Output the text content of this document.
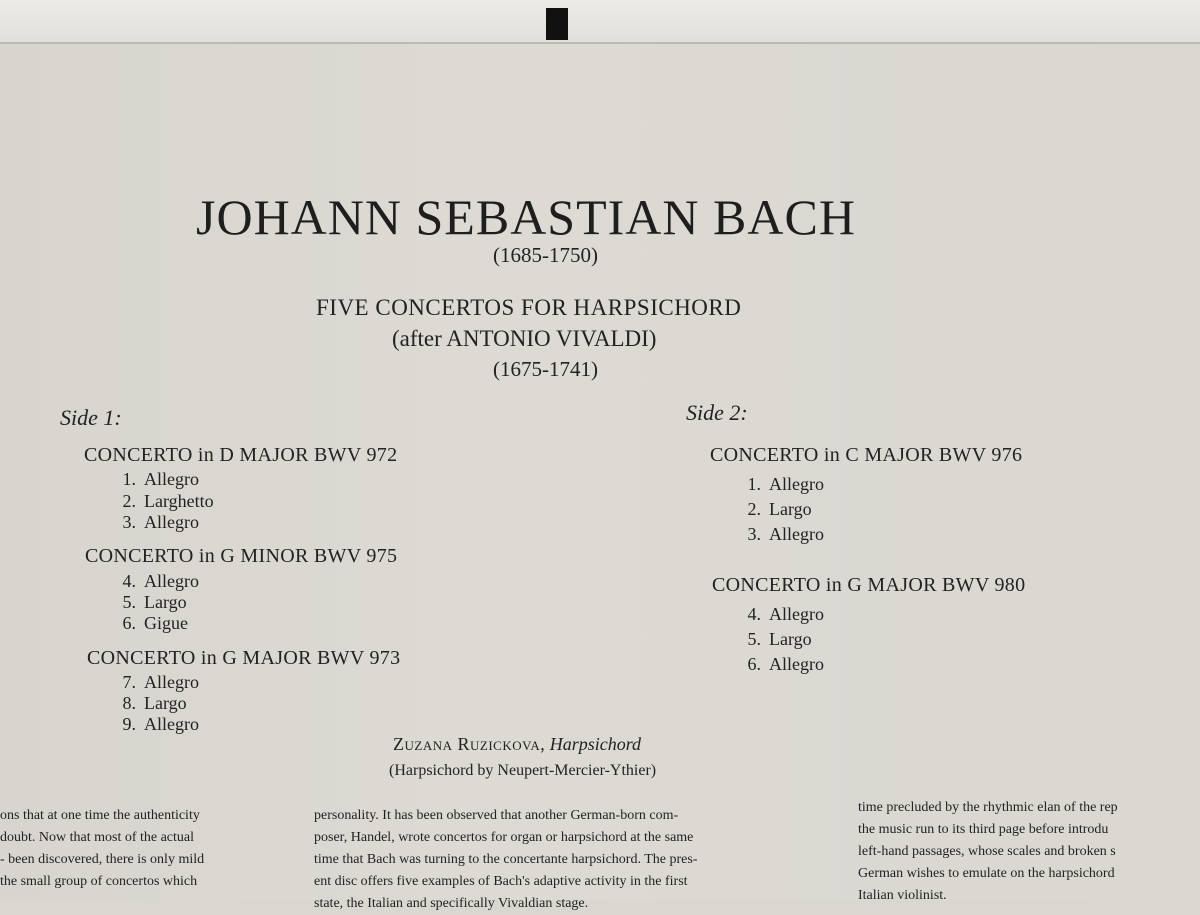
JOHANN SEBASTIAN BACH
(1685-1750)
FIVE CONCERTOS FOR HARPSICHORD
(after ANTONIO VIVALDI)
(1675-1741)
Side 1:
CONCERTO in D MAJOR BWV 972
1. Allegro
2. Larghetto
3. Allegro
CONCERTO in G MINOR BWV 975
4. Allegro
5. Largo
6. Gigue
CONCERTO in G MAJOR BWV 973
7. Allegro
8. Largo
9. Allegro
Side 2:
CONCERTO in C MAJOR BWV 976
1. Allegro
2. Largo
3. Allegro
CONCERTO in G MAJOR BWV 980
4. Allegro
5. Largo
6. Allegro
Zuzana Ruzickova, Harpsichord
(Harpsichord by Neupert-Mercier-Ythier)
ons that at one time the authenticity
doubt. Now that most of the actual
- been discovered, there is only mild
the small group of concertos which
personality. It has been observed that another German-born com-
poser, Handel, wrote concertos for organ or harpsichord at the same
time that Bach was turning to the concertante harpsichord. The pres-
ent disc offers five examples of Bach's adaptive activity in the first
state, the Italian and specifically Vivaldian stage.
time precluded by the rhythmic elan of the rep
the music run to its third page before introdu
left-hand passages, whose scales and broken s
German wishes to emulate on the harpsichord
Italian violinist.
